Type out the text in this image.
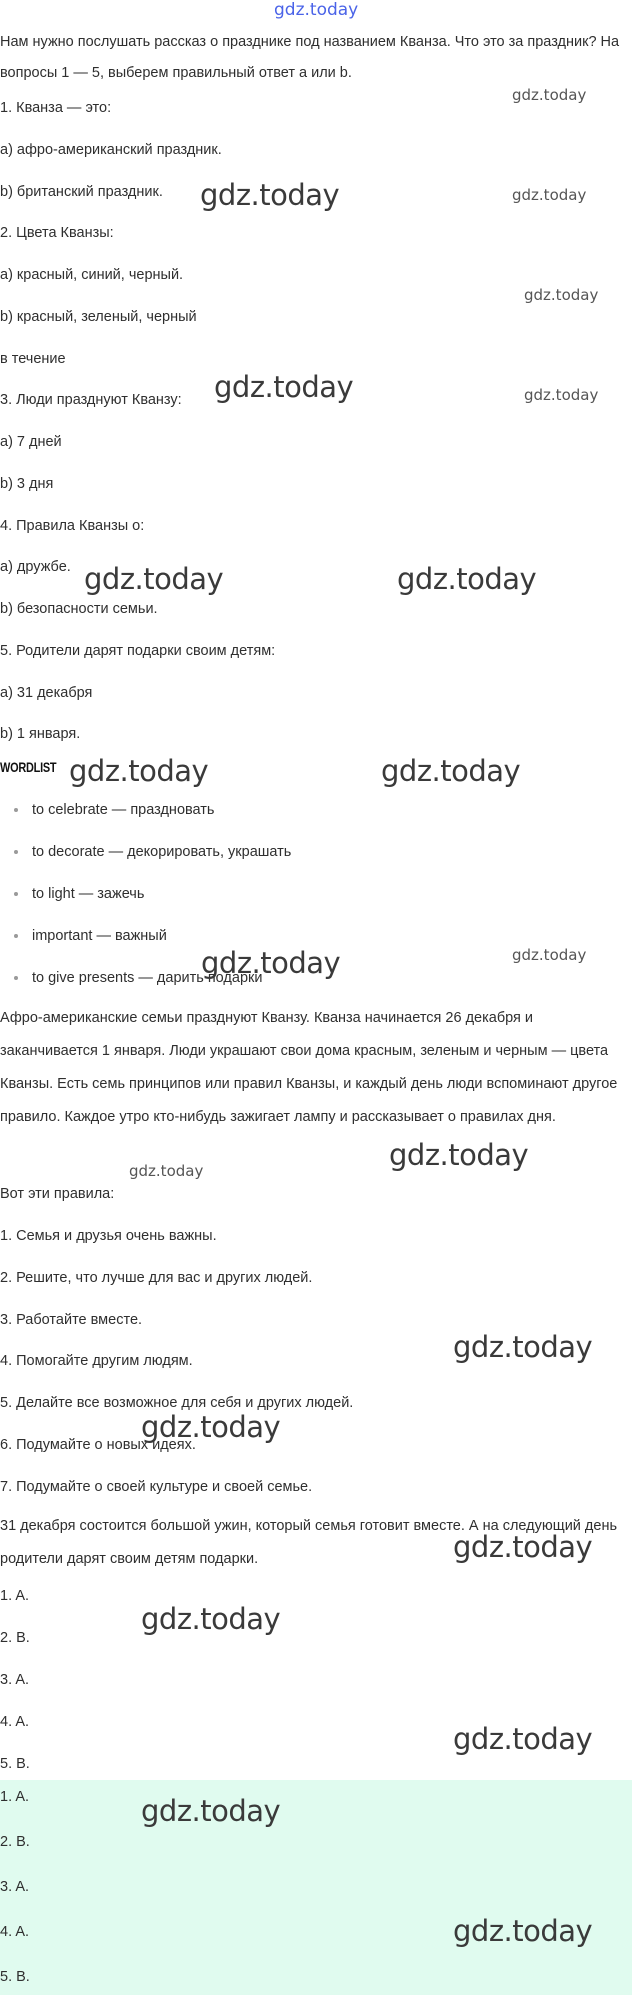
gdz.today
Нам нужно послушать рассказ о празднике под названием Кванза. Что это за праздник? На вопросы 1 — 5, выберем правильный ответ а или b.
1. Кванза — это:
a) афрo-американский праздник.
b) британский праздник.
2. Цвета Кванзы:
a) красный, синий, черный.
b) красный, зеленый, черный
в течение
3. Люди празднуют Кванзу:
a) 7 дней
b) 3 дня
4. Правила Кванзы о:
a) дружбе.
b) безопасности семьи.
5. Родители дарят подарки своим детям:
a) 31 декабря
b) 1 января.
WORDLIST
to celebrate — праздновать
to decorate — декорировать, украшать
to light — зажечь
important — важный
to give presents — дарить подарки
Афро-американские семьи празднуют Кванзу. Кванза начинается 26 декабря и заканчивается 1 января. Люди украшают свои дома красным, зеленым и черным — цвета Кванзы. Есть семь принципов или правил Кванзы, и каждый день люди вспоминают другое правило. Каждое утро кто-нибудь зажигает лампу и рассказывает о правилах дня.
Вот эти правила:
1. Семья и друзья очень важны.
2. Решите, что лучше для вас и других людей.
3. Работайте вместе.
4. Помогайте другим людям.
5. Делайте все возможное для себя и других людей.
6. Подумайте о новых идеях.
7. Подумайте о своей культуре и своей семье.
31 декабря состоится большой ужин, который семья готовит вместе. А на следующий день родители дарят своим детям подарки.
1. A.
2. B.
3. A.
4. A.
5. B.
1. A.
2. B.
3. A.
4. A.
5. B.
gdz.today
gdz.today	gdz.today
gdz.today
gdz.today	gdz.today
gdz.today	gdz.today
gdz.today	gdz.today
gdz.today	gdz.today
gdz.today
gdz.today
gdz.today
gdz.today
gdz.today
gdz.today
gdz.today
gdz.today
gdz.today
